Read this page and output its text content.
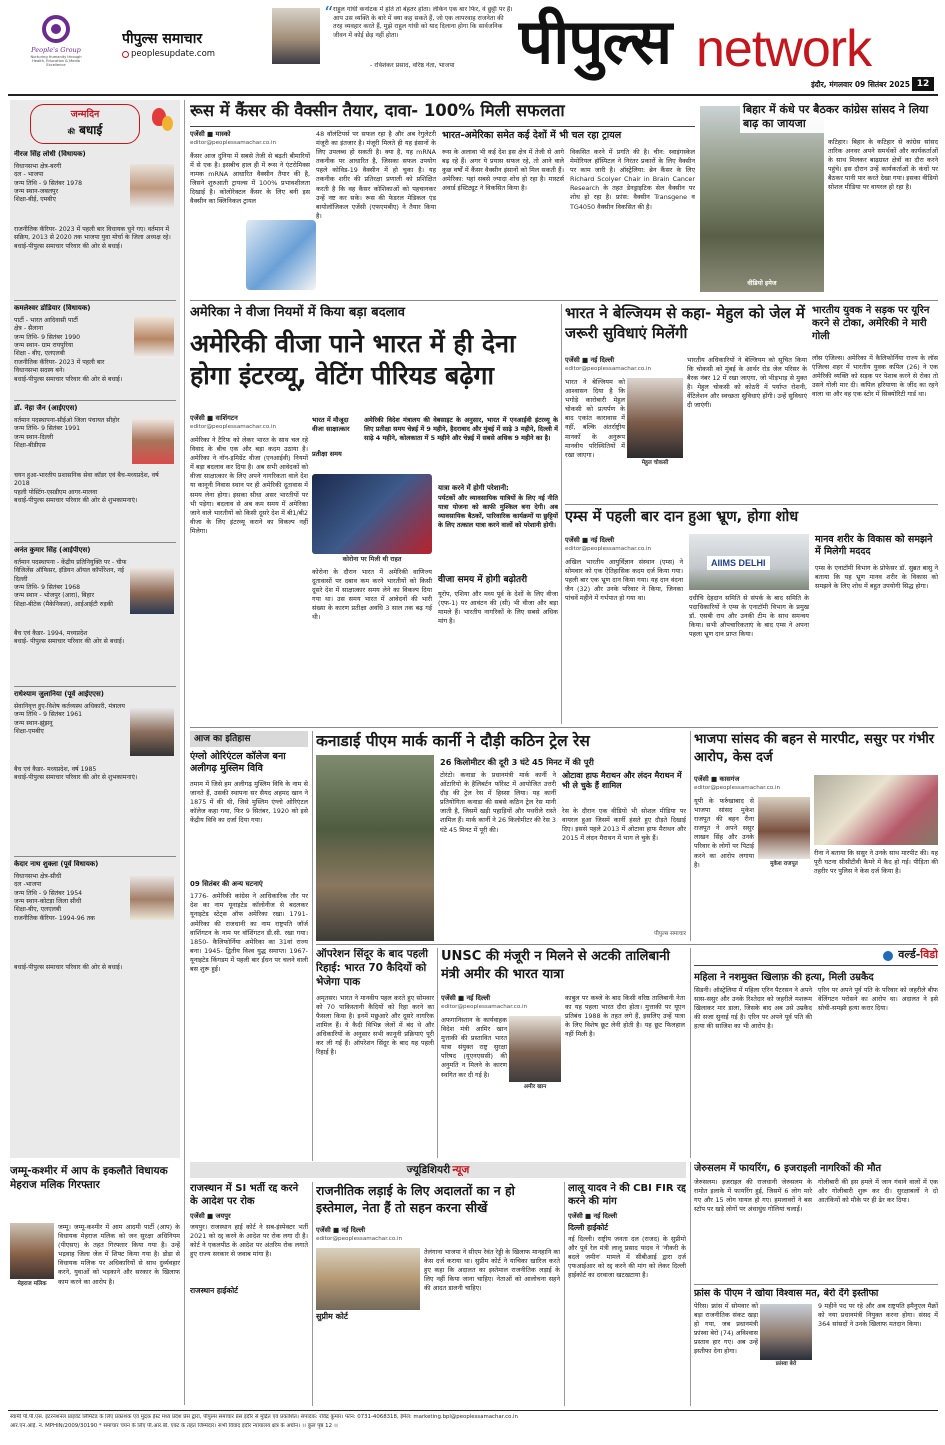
People's Group
Nurturing Humanity through Health, Education & Media Excellence
पीपुल्स समाचार
peoplesupdate.com
“ राहुल गांधी कर्नाटक में होते तो बेहतर होता। लेकिन एक बार फिर, वे छुट्टी पर हैं। आप उस व्यक्ति के बारे में क्या कह सकते हैं, जो एक लापरवाह राजनेता की तरह व्यवहार करते हैं, मुझे राहुल गांधी को याद दिलाना होगा कि सार्वजनिक जीवन में कोई छेड़ नहीं होता।
- रविशंकर प्रसाद, वरिष्ठ नेता, भाजपा	पीपुल्स network
इंदौर, मंगलवार 09 सितंबर 2025 12
जन्मदिन
की बधाई
नीरज सिंह लोधी (विधायक)
विधानसभा क्षेत्र-बरगी
दल - भाजपा
जन्म तिथि - 9 सितंबर 1978
जन्म स्थान-जबलपुर
शिक्षा-बीई, एमबीए
राजनीतिक कॅरियर- 2023 में पहली बार विधायक चुने गए। वर्तमान में सक्रिय, 2013 से 2020 तक भाजपा युवा मोर्चा के जिला अध्यक्ष रहे।
बधाई-पीपुल्स समाचार परिवार की ओर से बधाई।
कमलेश्वर डोडियार (विधायक)
पार्टी - भारत आदिवासी पार्टी
क्षेत्र - सैलाना
जन्म तिथि- 9 सितंबर 1990
जन्म स्थान- ग्राम रायपुरिया
शिक्षा - बीए, एलएलबी
राजनीतिक कॅरियर- 2023 में पहली बार विधानसभा सदस्य बने।
बधाई-पीपुल्स समाचार परिवार की ओर से बधाई।
डॉ. नेहा जैन (आईएएस)
वर्तमान पदस्थापना-सीईओ जिला पंचायत सीहोर
जन्म तिथि- 9 सितंबर 1991
जन्म स्थान-दिल्ली
शिक्षा-बीडीएस
चयन हुआ-भारतीय प्रशासनिक सेवा कॉडर एवं बैच-मध्यप्रदेश, वर्ष 2018
पहली पोस्टिंग-एसडीएम आगर-मालवा
बधाई-पीपुल्स समाचार परिवार की ओर से शुभकामनाएं।
अनंत कुमार सिंह (आईपीएस)
वर्तमान पदस्थापना - केंद्रीय प्रतिनियुक्ति पर - चीफ विजिलेंस ऑफिसर, इंडियन ऑयल कॉर्पोरेशन, नई दिल्ली
जन्म तिथि- 9 सितंबर 1968
जन्म स्थान - भोजपुर (आरा), बिहार
शिक्षा-बीटेक (मैकेनिकल), आईआईटी रुड़की
बैच एवं कैडर- 1994, मध्यप्रदेश
बधाई- पीपुल्स समाचार परिवार की ओर से बधाई।
राधेश्याम जुलानिया (पूर्व आईएएस)
सेवानिवृत्त हुए-विशेष कर्तव्यस्थ अधिकारी, मंत्रालय
जन्म तिथि - 9 सितंबर 1961
जन्म स्थान-झुंझनू
शिक्षा-एमबीए
बैच एवं कैडर- मध्यप्रदेश, वर्ष 1985
बधाई-पीपुल्स समाचार परिवार की ओर से शुभकामनाएं।
केदार नाथ शुक्ला (पूर्व विधायक)
विधानसभा क्षेत्र-सीधी
दल -भाजपा
जन्म तिथि - 9 सितंबर 1954
जन्म स्थान-कोटड़ा जिला सीधी
शिक्षा-बीए, एलएलबी
राजनीतिक कॅरियर- 1994-96 तक
बधाई-पीपुल्स समाचार परिवार की ओर से बधाई।
जम्मू-कश्मीर में आप के इकलौते विधायक मेहराज मलिक गिरफ्तार
मेहराज मलिक
जम्मू। जम्मू-कश्मीर में आम आदमी पार्टी (आप) के विधायक मेहराज मलिक को जन सुरक्षा अधिनियम (पीएसए) के तहत गिरफ्तार किया गया है। उन्हें भद्रवाह जिला जेल में शिफ्ट किया गया है। डोडा से विधायक मलिक पर अधिकारियों से साथ दुर्व्यवहार करने, युवाओं को भड़काने और सरकार के खिलाफ काम करने का आरोप है।
रूस में कैंसर की वैक्सीन तैयार, दावा- 100% मिली सफलता
एजेंसी ■ मास्को
editor@peoplessamachar.co.in
कैंसर आज दुनिया में सबसे तेजी से बढ़ती बीमारियों में से एक है। इसबीच हाल ही में रूस ने एंटरोमिक्स नामक mRNA आधारित वैक्सीन तैयार की है, जिसने शुरुआती ट्रायल्स में 100% प्रभावशीलता दिखाई है। कोलोरेक्टल कैंसर के लिए बनी इस वैक्सीन का क्लिनिकल ट्रायल
48 वॉलंटियर्स पर सफल रहा है और अब रेगुलेटरी मंजूरी का इंतजार है। मंजूरी मिलते ही यह इंसानों के लिए उपलब्ध हो सकती है। क्या है, यह mRNA तकनीक पर आधारित है, जिसका सफल उपयोग पहले कोविड-19 वैक्सीन में हो चुका है। यह तकनीक शरीर की प्रतिरक्षा प्रणाली को प्रशिक्षित करती है कि वह कैंसर कोशिकाओं को पहचानकर उन्हें नष्ट कर सके। रूस की फेडरल मेडिकल एंड बायोलॉजिकल एजेंसी (एफएमबीए) ने तैयार किया है।
भारत-अमेरिका समेत कई देशों में भी चल रहा ट्रायल
रूस के अलावा भी कई देश इस क्षेत्र में तेजी से आगे बढ़ रहे हैं। अगर ये प्रयास सफल रहे, तो आने वाले कुछ वर्षों में कैंसर वैक्सीन इंसानों को मिल सकती हैं। अमेरिका: यहां सबसे ज्यादा शोध हो रहा है। मास्टर्स अवार्ड इंस्टिट्यूट ने विकसित किया है।
विकसित करने में प्रगति की है। चीन: स्वाइंगस्केल मेमोरियल हॉस्पिटल ने निरंतर प्रकारों के लिए वैक्सीन पर काम जारी है। ऑस्ट्रेलिया: ब्रेन कैंसर के लिए Richard Scolyer Chair in Brain Cancer Research के तहत डेनड्राइटिक सेल वैक्सीन पर शोध हो रहा है। फ्रांस: वैक्सीन Transgene व TG4050 वैक्सीन विकसित की है।
वीडियो इमेज
बिहार में कंधे पर बैठकर कांग्रेस सांसद ने लिया बाढ़ का जायजा
कटिहार। बिहार के कटिहार से कांग्रेस सांसद तारिक अनवर अपने समर्थकों और कार्यकर्ताओं के साथ मिलकर बाढ़ग्रस्त क्षेत्रों का दौरा करने पहुंचे। इस दौरान उन्हें कार्यकर्ताओं के कंधों पर बैठकर पानी पार करते देखा गया। इसका वीडियो सोशल मीडिया पर वायरल हो रहा है।
अमेरिका ने वीजा नियमों में किया बड़ा बदलाव
अमेरिकी वीजा पाने भारत में ही देना होगा इंटरव्यू, वेटिंग पीरियड बढ़ेगा
एजेंसी ■ वाशिंगटन
editor@peoplessamachar.co.in
अमेरिका ने टैरिफ को लेकर भारत के साथ चल रहे विवाद के बीच एक और बड़ा कदम उठाया है। अमेरिका ने नॉन-इमिग्रेंट वीजा (एनआईवी) नियमों में बड़ा बदलाव कर दिया है। अब सभी आवेदकों को वीजा साक्षात्कार के लिए अपने नागरिकता वाले देश या कानूनी निवास स्थान पर ही अमेरिकी दूतावास में समय लेना होगा। इसका सीधा असर भारतीयों पर भी पड़ेगा। बदलाव से अब कम समय में अमेरिका जाने वाले भारतीयों को किसी दूसरे देश में बी1/बी2 वीजा के लिए इंटरव्यू कराने का विकल्प नहीं मिलेगा।
भारत में मौजूदा वीजा साक्षात्कार
प्रतीक्षा समय
अमेरिकी विदेश मंत्रालय की वेबसाइट के अनुसार, भारत में एनआईवी इंटरव्यू के लिए प्रतीक्षा समय चेन्नई में 9 महीने, हैदराबाद और मुंबई में साढ़े 3 महीने, दिल्ली में साढ़े 4 महीने, कोलकाता में 5 महीने और चेन्नई में सबसे अधिक 9 महीने का है।
कोरोना पर मिली थी राहत
कोरोना के दौरान भारत में अमेरिकी वाणिज्य दूतावासों पर दबाव कम करने भारतीयों को किसी दूसरे देश में साक्षात्कार समय लेने का विकल्प दिया गया था। उस समय भारत में आवेदनों की भारी संख्या के कारण प्रतीक्षा अवधि 3 साल तक बढ़ गई थी।
यात्रा करने में होगी परेशानी:
पर्यटकों और व्यावसायिक यात्रियों के लिए नई नीति यात्रा योजना को काफी मुश्किल बना देगी। अब व्यावसायिक बैठकों, पारिवारिक कार्यक्रमों या छुट्टियों के लिए तत्काल यात्रा करने वालों को परेशानी होगी।
वीजा समय में होगी बढ़ोतरी
यूरोप, एशिया और मध्य पूर्व के देशों के लिए वीजा (एफ-1) पर आवंटन की (सी) भी वीजा और बड़ा मामले हैं। भारतीय नागरिकों के लिए सबसे अधिक मांग है।
भारत ने बेल्जियम से कहा- मेहुल को जेल में जरूरी सुविधाएं मिलेंगी
एजेंसी ■ नई दिल्ली
editor@peoplessamachar.co.in
भारत ने बेल्जियम को आश्वासन दिया है कि भगोड़े कारोबारी मेहुल चोकसी को प्रत्यर्पण के बाद एकांत कारावास में नहीं, बल्कि अंतर्राष्ट्रीय मानकों के अनुरूप मानवीय परिस्थितियों में रखा जाएगा।
मेहुल चोकसी
भारतीय अधिकारियों ने बेल्जियम को सूचित किया कि चोकसी को मुंबई के आर्थर रोड जेल परिसर के बैरक नंबर 12 में रखा जाएगा, जो भीड़भाड़ से मुक्त है। मेहुल चोकसी को कोठरी में पर्याप्त रोशनी, वेंटिलेशन और स्वच्छता सुविधाएं होंगी। उन्हें सुविधाएं दी जाएंगी।
भारतीय युवक ने सड़क पर यूरिन करने से टोका, अमेरिकी ने मारी गोली
लॉस एंजिल्स। अमेरिका में कैलिफोर्निया राज्य के लॉस एंजिल्स शहर में भारतीय युवक कपिल (26) ने एक अमेरिकी व्यक्ति को सड़क पर पेशाब करने से रोका तो उसने गोली मार दी। कपिल हरियाणा के जींद का रहने वाला था और वह एक स्टोर में सिक्योरिटी गार्ड था।
एम्स में पहली बार दान हुआ भ्रूण, होगा शोध
एजेंसी ■ नई दिल्ली
editor@peoplessamachar.co.in
अखिल भारतीय आयुर्विज्ञान संस्थान (एम्स) ने सोमवार को एक ऐतिहासिक कदम दर्ज किया गया। पहली बार एक भ्रूण दान किया गया। यह दान वंदना जैन (32) और उनके परिवार ने किया, जिनका पांचवें महीने में गर्भपात हो गया था।
AIIMS DELHI
दधीचि देहदान समिति से संपर्क के बाद समिति के पदाधिकारियों ने एम्स के एनाटॉमी विभाग के प्रमुख डॉ. एसबी राय और उनकी टीम के साथ समन्वय किया। सभी औपचारिकताएं के बाद एम्स ने अपना पहला भ्रूण दान प्राप्त किया।
मानव शरीर के विकास को समझने में मिलेगी मददद
एम्स के एनाटॉमी विभाग के प्रोफेसर डॉ. सुब्रत बासु ने बताया कि यह भ्रूण मानव शरीर के विकास को समझने के लिए शोध में बहुत उपयोगी सिद्ध होगा।
आज का इतिहास
एंग्लो ओरिएंटल कॉलेज बना अलीगढ़ मुस्लिम विवि
तमाम में जिसे हम अलीगढ़ मुस्लिम विवि के नाम से जानते हैं, उसकी स्थापना सर सैयद अहमद खान ने 1875 में की थी, जिसे मुस्लिम एंग्लो ओरिएंटल कॉलेज कहा गया, फिर 9 सितंबर, 1920 को इसे केंद्रीय विवि का दर्जा दिया गया।
09 सितंबर की अन्य घटनाएं
1776- अमेरिकी कांग्रेस ने आधिकारिक तौर पर देश का नाम यूनाइटेड कॉलोनीज से बदलकर यूनाइटेड स्टेट्स ऑफ अमेरिका रखा। 1791- अमेरिका की राजधानी का नाम राष्ट्रपति जॉर्ज वाशिंगटन के नाम पर वॉशिंगटन डी.सी. रखा गया। 1850- कैलिफोर्निया अमेरिका का 31वां राज्य बना। 1945- द्वितीय विश्व युद्ध समाप्त। 1967- यूनाइटेड किंगडम में पहली बार ईंधन पर चलने वाली बस शुरू हुई।
कनाडाई पीएम मार्क कार्नी ने दौड़ी कठिन ट्रेल रेस
26 किलोमीटर की दूरी 3 घंटे 45 मिनट में की पूरी
टोरंटो। कनाडा के प्रधानमंत्री मार्क कार्नी ने ओंटारियो के हैलिबर्टन फॉरेस्ट में आयोजित उत्तरी दौड़ की ट्रेल रेस में हिस्सा लिया। यह कार्नी प्रतियोगिता कनाडा की सबसे कठिन ट्रेल रेस मानी जाती है, जिसमें खड़ी पहाड़ियों और पथरीले रास्ते शामिल हैं। मार्क कार्नी ने 26 किलोमीटर की रेस 3 घंटे 45 मिनट में पूरी की।
ओटावा हाफ मैराथन और लंदन मैराथन में भी ले चुके हैं शामिल
रेस के दौरान एक वीडियो भी सोशल मीडिया पर वायरल हुआ जिसमें कार्नी हंसते हुए दौड़ते दिखाई दिए। इससे पहले 2013 में ओटावा हाफ मैराथन और 2015 में लंदन मैराथन में भाग ले चुके हैं।
पीपुल्स समाचार
भाजपा सांसद की बहन से मारपीट, ससुर पर गंभीर आरोप, केस दर्ज
एजेंसी ■ कासगंज
editor@peoplessamachar.co.in
यूपी के फर्रुखाबाद से भाजपा सांसद मुकेश राजपूत की बहन रीना राजपूत ने अपने ससुर लाखन सिंह और उनके परिवार के लोगों पर पिटाई करने का आरोप लगाया है।	मुकेश राजपूत
रीना ने बताया कि ससुर ने उनके साथ मारपीट की। यह पूरी घटना सीसीटीवी कैमरे में कैद हो गई। पीड़िता की तहरीर पर पुलिस ने केस दर्ज किया है।
ऑपरेशन सिंदूर के बाद पहली रिहाई: भारत 70 कैदियों को भेजेगा पाक
अमृतसर। भारत ने मानवीय पहल करते हुए सोमवार को 70 पाकिस्तानी कैदियों को रिहा करने का फैसला किया है। इनमें मछुआरे और दूसरे नागरिक शामिल हैं। ये कैदी विभिन्न जेलों में बंद थे और अधिकारियों के अनुसार सभी कानूनी प्रक्रियाएं पूरी कर ली गई हैं। ऑपरेशन सिंदूर के बाद यह पहली रिहाई है।
UNSC की मंजूरी न मिलने से अटकी तालिबानी मंत्री अमीर की भारत यात्रा
एजेंसी ■ नई दिल्ली
editor@peoplessamachar.co.in
अफगानिस्तान के कार्यवाहक विदेश मंत्री आमिर खान मुत्ताकी की प्रस्तावित भारत यात्रा संयुक्त राष्ट्र सुरक्षा परिषद (यूएनएससी) की अनुमति न मिलने के कारण स्थगित कर दी गई है।
अमीर खान
काबुल पर कब्जे के बाद किसी वरिष्ठ तालिबानी नेता का यह पहला भारत दौरा होता। मुत्ताकी पर यूएन प्रतिबंध 1988 के तहत लगे हैं, इसलिए उन्हें यात्रा के लिए विशेष छूट लेनी होती है। यह छूट फिलहाल नहीं मिली है।
वर्ल्ड-विडो
महिला ने नशमुक्त खिलाफ़ की हत्या, मिली उम्रकैद
सिडनी। ऑस्ट्रेलिया में महिला एरिन पैटरसन ने अपने सास-ससुर और उनके रिश्तेदार को जहरीले मशरूम खिलाकर मार डाला, जिसके बाद अब उसे उम्रकैद की सजा सुनाई गई है। एरिन पर अपने पूर्व पति की हत्या की साजिश का भी आरोप है।
एरिन पर अपने पूर्व पति के परिवार को जहरीले बीफ वेलिंगटन परोसने का आरोप था। अदालत ने इसे सोची-समझी हत्या करार दिया।
ज्यूडिशियरी न्यूज
राजस्थान में SI भर्ती रद्द करने के आदेश पर रोक
एजेंसी ■ जयपुर
जयपुर। राजस्थान हाई कोर्ट ने सब-इंस्पेक्टर भर्ती 2021 को रद्द करने के आदेश पर रोक लगा दी है। कोर्ट ने एकलपीठ के आदेश पर अंतरिम रोक लगाते हुए राज्य सरकार से जवाब मांगा है।
राजस्थान हाईकोर्ट
राजनीतिक लड़ाई के लिए अदालतों का न हो इस्तेमाल, नेता हैं तो सहन करना सीखें
एजेंसी ■ नई दिल्ली
editor@peoplessamachar.co.in
सुप्रीम कोर्ट
तेलंगाना भाजपा ने सीएम रेवंत रेड्डी के खिलाफ मानहानि का केस दर्ज कराया था। सुप्रीम कोर्ट ने याचिका खारिज करते हुए कहा कि अदालत का इस्तेमाल राजनीतिक लड़ाई के लिए नहीं किया जाना चाहिए। नेताओं को आलोचना सहने की आदत डालनी चाहिए।
लालू यादव ने की CBI FIR रद्द करने की मांग
एजेंसी ■ नई दिल्ली
दिल्ली हाईकोर्ट
नई दिल्ली। राष्ट्रीय जनता दल (राजद) के सुप्रीमो और पूर्व रेल मंत्री लालू प्रसाद यादव ने 'नौकरी के बदले जमीन' मामले में सीबीआई द्वारा दर्ज एफआईआर को रद्द करने की मांग को लेकर दिल्ली हाईकोर्ट का दरवाजा खटखटाया है।
जेरुसलम में फायरिंग, 6 इजराइली नागरिकों की मौत
जेरुसलम। इजराइल की राजधानी जेरुसलम के रामोत इलाके में फायरिंग हुई, जिसमें 6 लोग मारे गए और 15 लोग घायल हो गए। हमलावरों ने बस स्टॉप पर खड़े लोगों पर अंधाधुंध गोलियां चलाईं।
गोलीबारी की इस हमले में जान गंवाने वालों में एक और गोलीबारी शुरू कर दी। सुरक्षाबलों ने दो आतंकियों को मौके पर ही ढेर कर दिया।
फ्रांस के पीएम ने खोया विश्वास मत, बेरो देंगे इस्तीफा
पेरिस। फ्रांस में सोमवार को बड़ा राजनीतिक संकट खड़ा हो गया, जब प्रधानमंत्री फ्रांस्वा बेरो (74) अविश्वास प्रस्ताव हार गए। अब उन्हें इस्तीफा देना होगा।
फ्रांस्वा बेरो
9 महीने पद पर रहे और अब राष्ट्रपति इमैनुएल मैक्रों को नया प्रधानमंत्री नियुक्त करना होगा। संसद में 364 सांसदों ने उनके खिलाफ मतदान किया।
स्वामी पी.पी.एस. इंटरनेशनल प्राइवेट लिमिटेड के लिए प्रकाशक एवं मुद्रक ईस्ट मध्य प्रदेश प्रेस द्वारा, पीपुल्स समाचार प्रेस इंदौर से मुद्रित एवं प्रकाशित। संपादक: रविंद्र कुमार। फोन: 0731-4068318, ईमेल: marketing.bpl@peoplessamachar.co.in
आर.एन.आई. नं. MPHIN/2009/30190 * समाचार चयन के लिए पी.आर.बी. एक्ट के तहत जिम्मेदार। सभी विवाद इंदौर न्यायालय क्षेत्र के अधीन। ।। कुल पृष्ठ 12 ।।
